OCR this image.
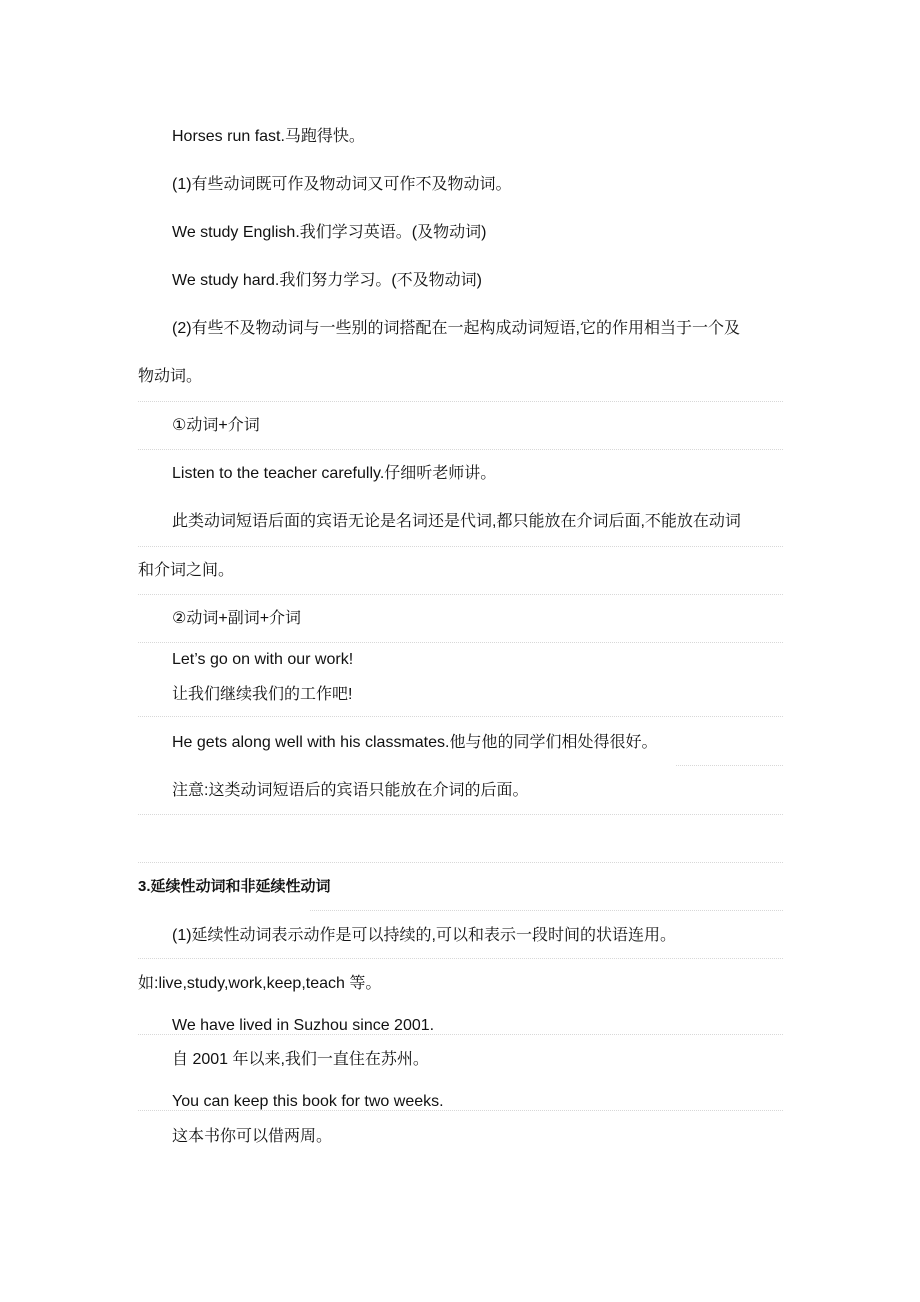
Horses run fast.马跑得快。
(1)有些动词既可作及物动词又可作不及物动词。
We study English.我们学习英语。(及物动词)
We study hard.我们努力学习。(不及物动词)
(2)有些不及物动词与一些别的词搭配在一起构成动词短语,它的作用相当于一个及
物动词。
①动词+介词
Listen to the teacher carefully.仔细听老师讲。
此类动词短语后面的宾语无论是名词还是代词,都只能放在介词后面,不能放在动词
和介词之间。
②动词+副词+介词
Let’s go on with our work!
让我们继续我们的工作吧!
He gets along well with his classmates.他与他的同学们相处得很好。
注意:这类动词短语后的宾语只能放在介词的后面。
3.延续性动词和非延续性动词
(1)延续性动词表示动作是可以持续的,可以和表示一段时间的状语连用。
如:live,study,work,keep,teach 等。
We have lived in Suzhou since 2001.
自 2001 年以来,我们一直住在苏州。
You can keep this book for two weeks.
这本书你可以借两周。
